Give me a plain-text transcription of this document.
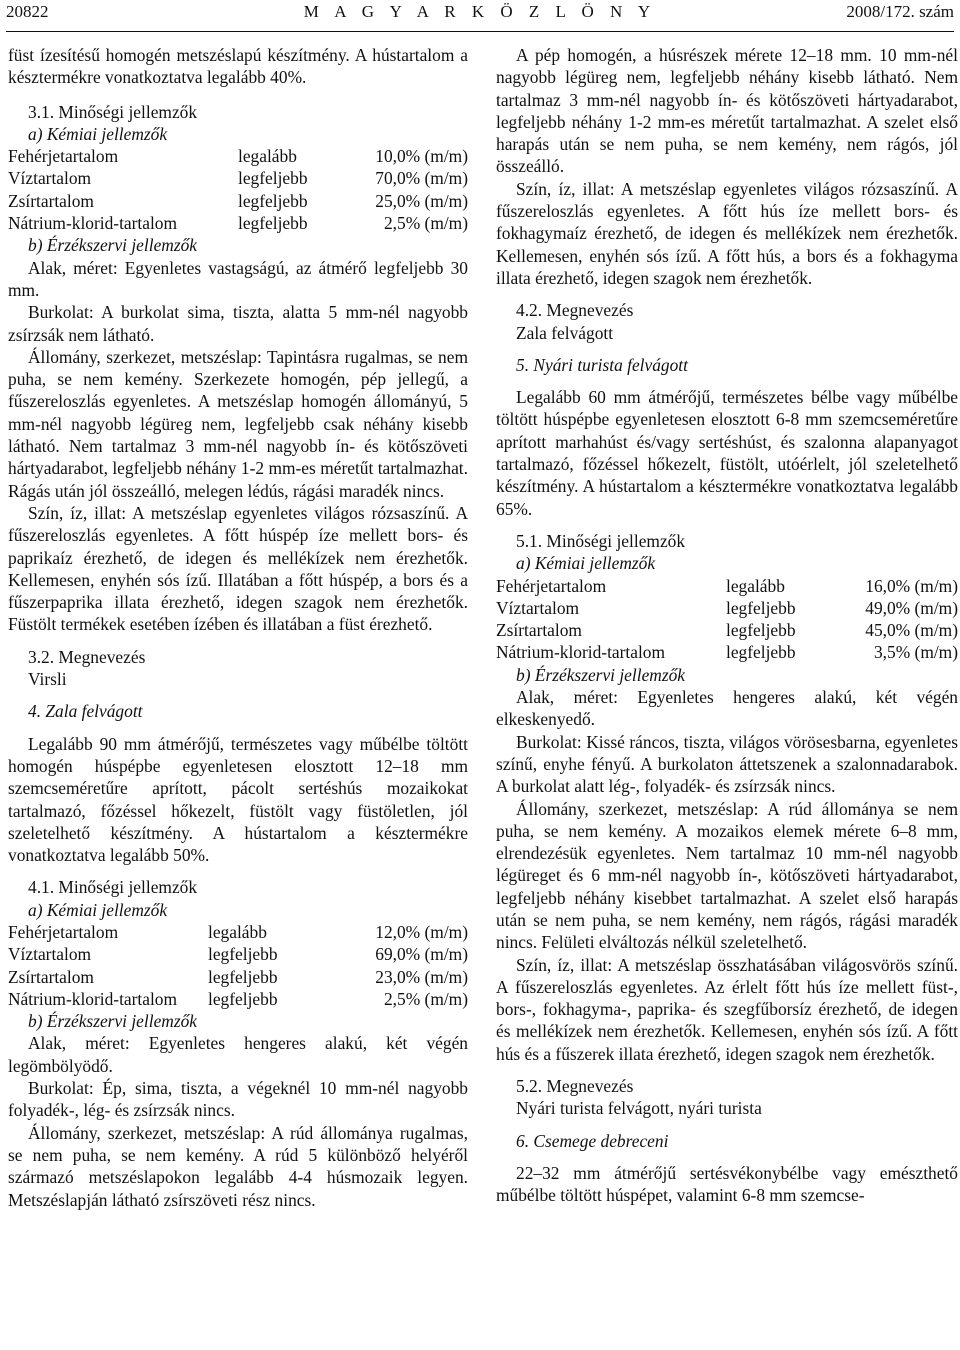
20822	M A G Y A R K Ö Z L Ö N Y	2008/172. szám

füst ízesítésű homogén metszéslapú készítmény. A hústartalom a késztermékre vonatkoztatva legalább 40%.

3.1. Minőségi jellemzők

a) Kémiai jellemzők

Fehérjetartalom	legalább	10,0% (m/m)
Víztartalom	legfeljebb	70,0% (m/m)
Zsírtartalom	legfeljebb	25,0% (m/m)
Nátrium-klorid-tartalom	legfeljebb	2,5% (m/m)

b) Érzékszervi jellemzők

Alak, méret: Egyenletes vastagságú, az átmérő legfeljebb 30 mm.

Burkolat: A burkolat sima, tiszta, alatta 5 mm-nél nagyobb zsírzsák nem látható.

Állomány, szerkezet, metszéslap: Tapintásra rugalmas, se nem puha, se nem kemény. Szerkezete homogén, pép jellegű, a fűszereloszlás egyenletes. A metszéslap homogén állományú, 5 mm-nél nagyobb légüreg nem, legfeljebb csak néhány kisebb látható. Nem tartalmaz 3 mm-nél nagyobb ín- és kötőszöveti hártyadarabot, legfeljebb néhány 1-2 mm-es méretűt tartalmazhat. Rágás után jól összeálló, melegen lédús, rágási maradék nincs.

Szín, íz, illat: A metszéslap egyenletes világos rózsaszínű. A fűszereloszlás egyenletes. A főtt húspép íze mellett bors- és paprikaíz érezhető, de idegen és mellékízek nem érezhetők. Kellemesen, enyhén sós ízű. Illatában a főtt húspép, a bors és a fűszerpaprika illata érezhető, idegen szagok nem érezhetők. Füstölt termékek esetében ízében és illatában a füst érezhető.

3.2. Megnevezés

Virsli

4. Zala felvágott

Legalább 90 mm átmérőjű, természetes vagy műbélbe töltött homogén húspépbe egyenletesen elosztott 12–18 mm szemcseméretűre aprított, pácolt sertéshús mozaikokat tartalmazó, főzéssel hőkezelt, füstölt vagy füstöletlen, jól szeletelhető készítmény. A hústartalom a késztermékre vonatkoztatva legalább 50%.

4.1. Minőségi jellemzők

a) Kémiai jellemzők

Fehérjetartalom	legalább	12,0% (m/m)
Víztartalom	legfeljebb	69,0% (m/m)
Zsírtartalom	legfeljebb	23,0% (m/m)
Nátrium-klorid-tartalom	legfeljebb	2,5% (m/m)

b) Érzékszervi jellemzők

Alak, méret: Egyenletes hengeres alakú, két végén legömbölyödő.

Burkolat: Ép, sima, tiszta, a végeknél 10 mm-nél nagyobb folyadék-, lég- és zsírzsák nincs.

Állomány, szerkezet, metszéslap: A rúd állománya rugalmas, se nem puha, se nem kemény. A rúd 5 különböző helyéről származó metszéslapokon legalább 4-4 húsmozaik legyen. Metszéslapján látható zsírszöveti rész nincs.

A pép homogén, a húsrészek mérete 12–18 mm. 10 mm-nél nagyobb légüreg nem, legfeljebb néhány kisebb látható. Nem tartalmaz 3 mm-nél nagyobb ín- és kötőszöveti hártyadarabot, legfeljebb néhány 1-2 mm-es méretűt tartalmazhat. A szelet első harapás után se nem puha, se nem kemény, nem rágós, jól összeálló.

Szín, íz, illat: A metszéslap egyenletes világos rózsaszínű. A fűszereloszlás egyenletes. A főtt hús íze mellett bors- és fokhagymaíz érezhető, de idegen és mellékízek nem érezhetők. Kellemesen, enyhén sós ízű. A főtt hús, a bors és a fokhagyma illata érezhető, idegen szagok nem érezhetők.

4.2. Megnevezés

Zala felvágott

5. Nyári turista felvágott

Legalább 60 mm átmérőjű, természetes bélbe vagy műbélbe töltött húspépbe egyenletesen elosztott 6-8 mm szemcseméretűre aprított marhahúst és/vagy sertéshúst, és szalonna alapanyagot tartalmazó, főzéssel hőkezelt, füstölt, utóérlelt, jól szeletelhető készítmény. A hústartalom a késztermékre vonatkoztatva legalább 65%.

5.1. Minőségi jellemzők

a) Kémiai jellemzők

Fehérjetartalom	legalább	16,0% (m/m)
Víztartalom	legfeljebb	49,0% (m/m)
Zsírtartalom	legfeljebb	45,0% (m/m)
Nátrium-klorid-tartalom	legfeljebb	3,5% (m/m)

b) Érzékszervi jellemzők

Alak, méret: Egyenletes hengeres alakú, két végén elkeskenyedő.

Burkolat: Kissé ráncos, tiszta, világos vörösesbarna, egyenletes színű, enyhe fényű. A burkolaton áttetszenek a szalonnadarabok. A burkolat alatt lég-, folyadék- és zsírzsák nincs.

Állomány, szerkezet, metszéslap: A rúd állománya se nem puha, se nem kemény. A mozaikos elemek mérete 6–8 mm, elrendezésük egyenletes. Nem tartalmaz 10 mm-nél nagyobb légüreget és 6 mm-nél nagyobb ín-, kötőszöveti hártyadarabot, legfeljebb néhány kisebbet tartalmazhat. A szelet első harapás után se nem puha, se nem kemény, nem rágós, rágási maradék nincs. Felületi elváltozás nélkül szeletelhető.

Szín, íz, illat: A metszéslap összhatásában világosvörös színű. A fűszereloszlás egyenletes. Az érlelt főtt hús íze mellett füst-, bors-, fokhagyma-, paprika- és szegfűborsíz érezhető, de idegen és mellékízek nem érezhetők. Kellemesen, enyhén sós ízű. A főtt hús és a fűszerek illata érezhető, idegen szagok nem érezhetők.

5.2. Megnevezés

Nyári turista felvágott, nyári turista

6. Csemege debreceni

22–32 mm átmérőjű sertésvékonybélbe vagy emészthető műbélbe töltött húspépet, valamint 6-8 mm szemcse-
